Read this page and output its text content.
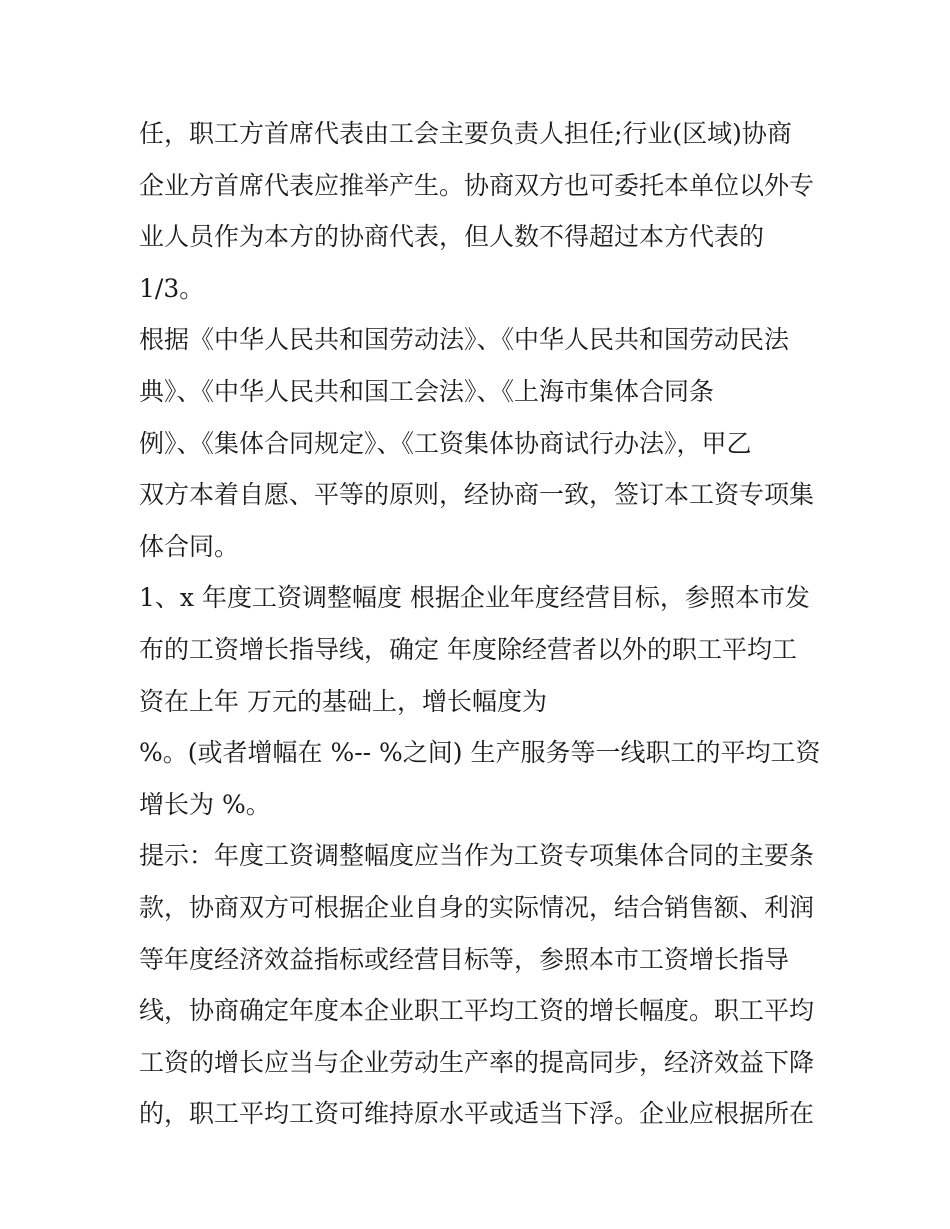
任，职工方首席代表由工会主要负责人担任;行业(区域)协商
企业方首席代表应推举产生。协商双方也可委托本单位以外专
业人员作为本方的协商代表，但人数不得超过本方代表的
1/3。
根据《中华人民共和国劳动法》、《中华人民共和国劳动民法
典》、《中华人民共和国工会法》、《上海市集体合同条
例》、《集体合同规定》、《工资集体协商试行办法》，甲乙
双方本着自愿、平等的原则，经协商一致，签订本工资专项集
体合同。
1、x 年度工资调整幅度 根据企业年度经营目标，参照本市发
布的工资增长指导线，确定 年度除经营者以外的职工平均工
资在上年 万元的基础上，增长幅度为
%。(或者增幅在 %-- %之间) 生产服务等一线职工的平均工资
增长为 %。
提示：年度工资调整幅度应当作为工资专项集体合同的主要条
款，协商双方可根据企业自身的实际情况，结合销售额、利润
等年度经济效益指标或经营目标等，参照本市工资增长指导
线，协商确定年度本企业职工平均工资的增长幅度。职工平均
工资的增长应当与企业劳动生产率的提高同步，经济效益下降
的，职工平均工资可维持原水平或适当下浮。企业应根据所在
